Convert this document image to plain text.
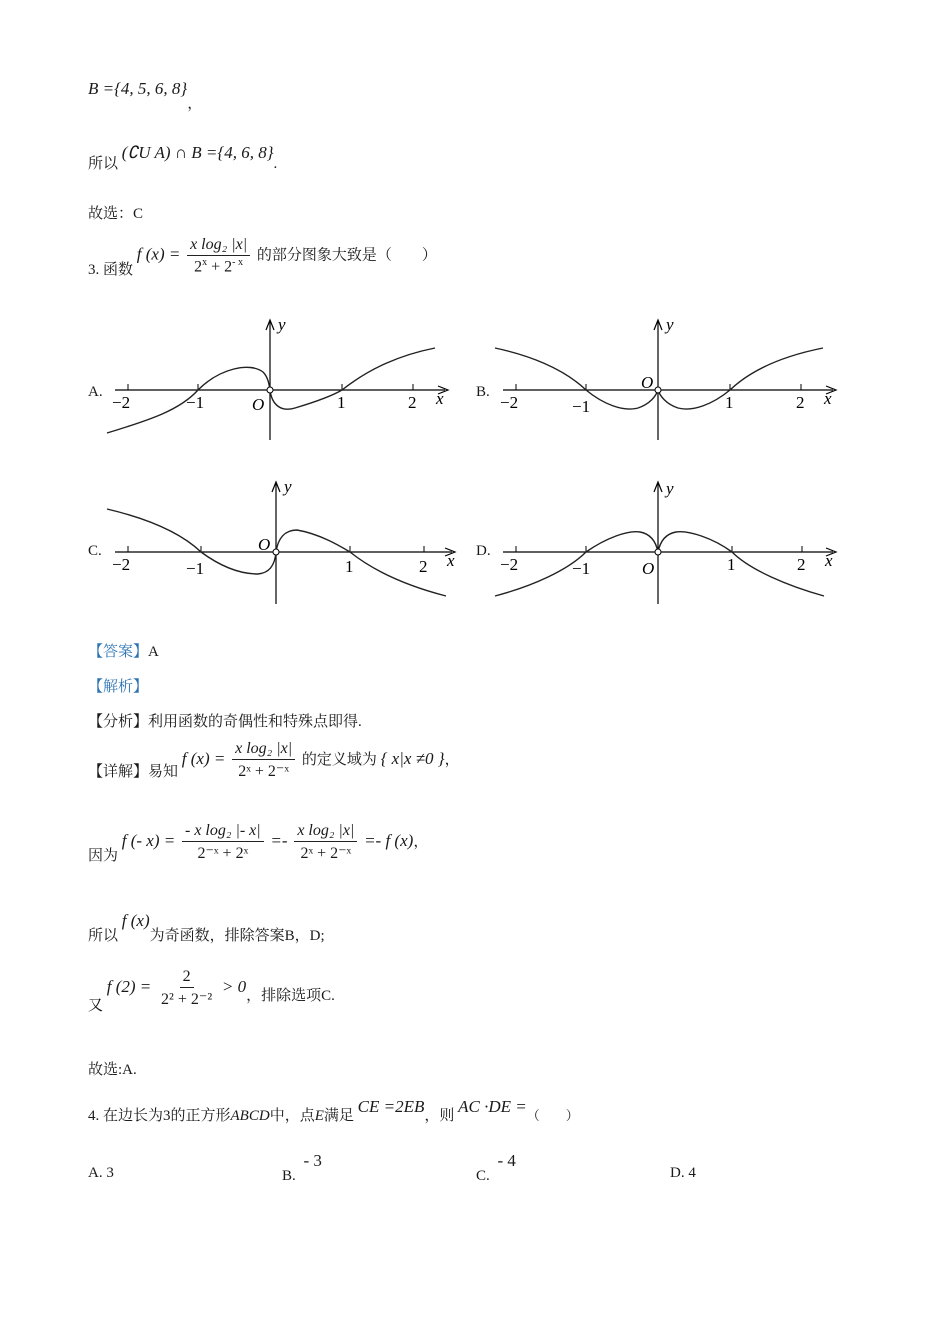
B ={4, 5, 6, 8}，
所以 (∁U A) ∩ B ={4, 6, 8}.
故选：C
3. 函数 f $(x) = \frac{\text{x log₂ |x|}}{2^x + 2^{- x}}$ 的部分图象大致是（　　）
A.	B.
C.	D.
−2	−1	O	1	2 x
y
−2	−1
O
1	2 x
y
−2	−1
O
1	2 x
y
−2	−1	O	1	2 x
y
【答案】A
【解析】
【分析】利用函数的奇偶性和特殊点即得.
【详解】易知 f $(x) = \frac{\text{x log₂ |x|}}{\text{2ˣ + 2⁻ˣ}}$ 的定义域为 { x|x ≠0 }，
因为 f (- $x) = \frac{\text{- x log₂ |- x|}}{\text{2⁻ˣ + 2ˣ}} =- \frac{\text{x log₂ |x|}}{\text{2ˣ + 2⁻ˣ}} =- f$ (x)，
所以 f (x)为奇函数，排除答案B，D;
又 f $(2) = \frac{2}{\text{2² + 2⁻²}} > 0$，排除选项C.
故选:A.
4. 在边长为3的正方形ABCD中，点E满足 CE =2EB，则 AC ·DE =（　　）
A. 3	B. - 3
C. - 4
D. 4
